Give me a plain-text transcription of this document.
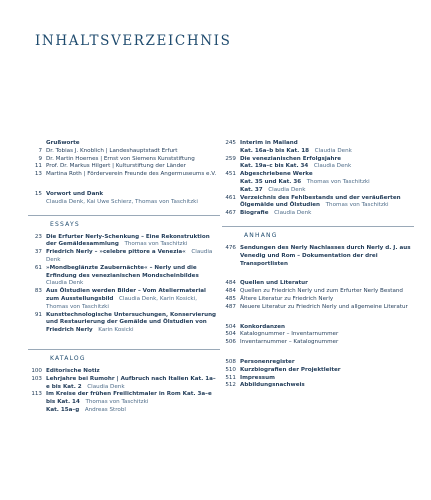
INHALTSVERZEICHNIS
Grußworte
7 Dr. Tobias J. Knoblich | Landeshauptstadt Erfurt
9 Dr. Martin Hoernes | Ernst von Siemens Kunststiftung
11 Prof. Dr. Markus Hilgert | Kulturstiftung der Länder
13 Martina Roth | Förderverein Freunde des Angermuseums e.V.
15 Vorwort und Dank
Claudia Denk, Kai Uwe Schierz, Thomas von Taschitzki
ESSAYS
23 Die Erfurter Nerly-Schenkung – Eine Rekonstruktion der Gemäldesammlung  Thomas von Taschitzki
37 Friedrich Nerly – »celebre pittore a Venezia«  Claudia Denk
61 »Mondbeglänzte Zaubernächte« – Nerly und die Erfindung des venezianischen Mondscheinbildes Claudia Denk
83 Aus Ölstudien werden Bilder – Vom Ateliermaterial zum Ausstellungsbild  Claudia Denk, Karin Kosicki, Thomas von Taschitzki
91 Kunsttechnologische Untersuchungen, Konservierung und Restaurierung der Gemälde und Ölstudien von Friedrich Nerly  Karin Kosicki
KATALOG
100 Editorische Notiz
103 Lehrjahre bei Rumohr | Aufbruch nach Italien Kat. 1a–e bis Kat. 2  Claudia Denk
113 Im Kreise der frühen Freilichtmaler in Rom Kat. 3a–e bis Kat. 14  Thomas von Taschitzki
Kat. 15a–g  Andreas Strobl
245 Interim in Mailand
Kat. 16a–b bis Kat. 18  Claudia Denk
259 Die venezianischen Erfolgsjahre
Kat. 19a–c bis Kat. 34  Claudia Denk
451 Abgeschriebene Werke
Kat. 35 und Kat. 36  Thomas von Taschitzki
Kat. 37  Claudia Denk
461 Verzeichnis des Fehlbestands und der veräußerten Ölgemälde und Ölstudien  Thomas von Taschitzki
467 Biografie  Claudia Denk
ANHANG
476 Sendungen des Nerly Nachlasses durch Nerly d. J. aus Venedig und Rom – Dokumentation der drei Transportlisten
484 Quellen und Literatur
484 Quellen zu Friedrich Nerly und zum Erfurter Nerly Bestand
485 Ältere Literatur zu Friedrich Nerly
487 Neuere Literatur zu Friedrich Nerly und allgemeine Literatur
504 Konkordanzen
504 Katalognummer – Inventarnummer
506 Inventarnummer – Katalognummer
508 Personenregister
510 Kurzbiografien der Projektleiter
511 Impressum
512 Abbildungsnachweis
